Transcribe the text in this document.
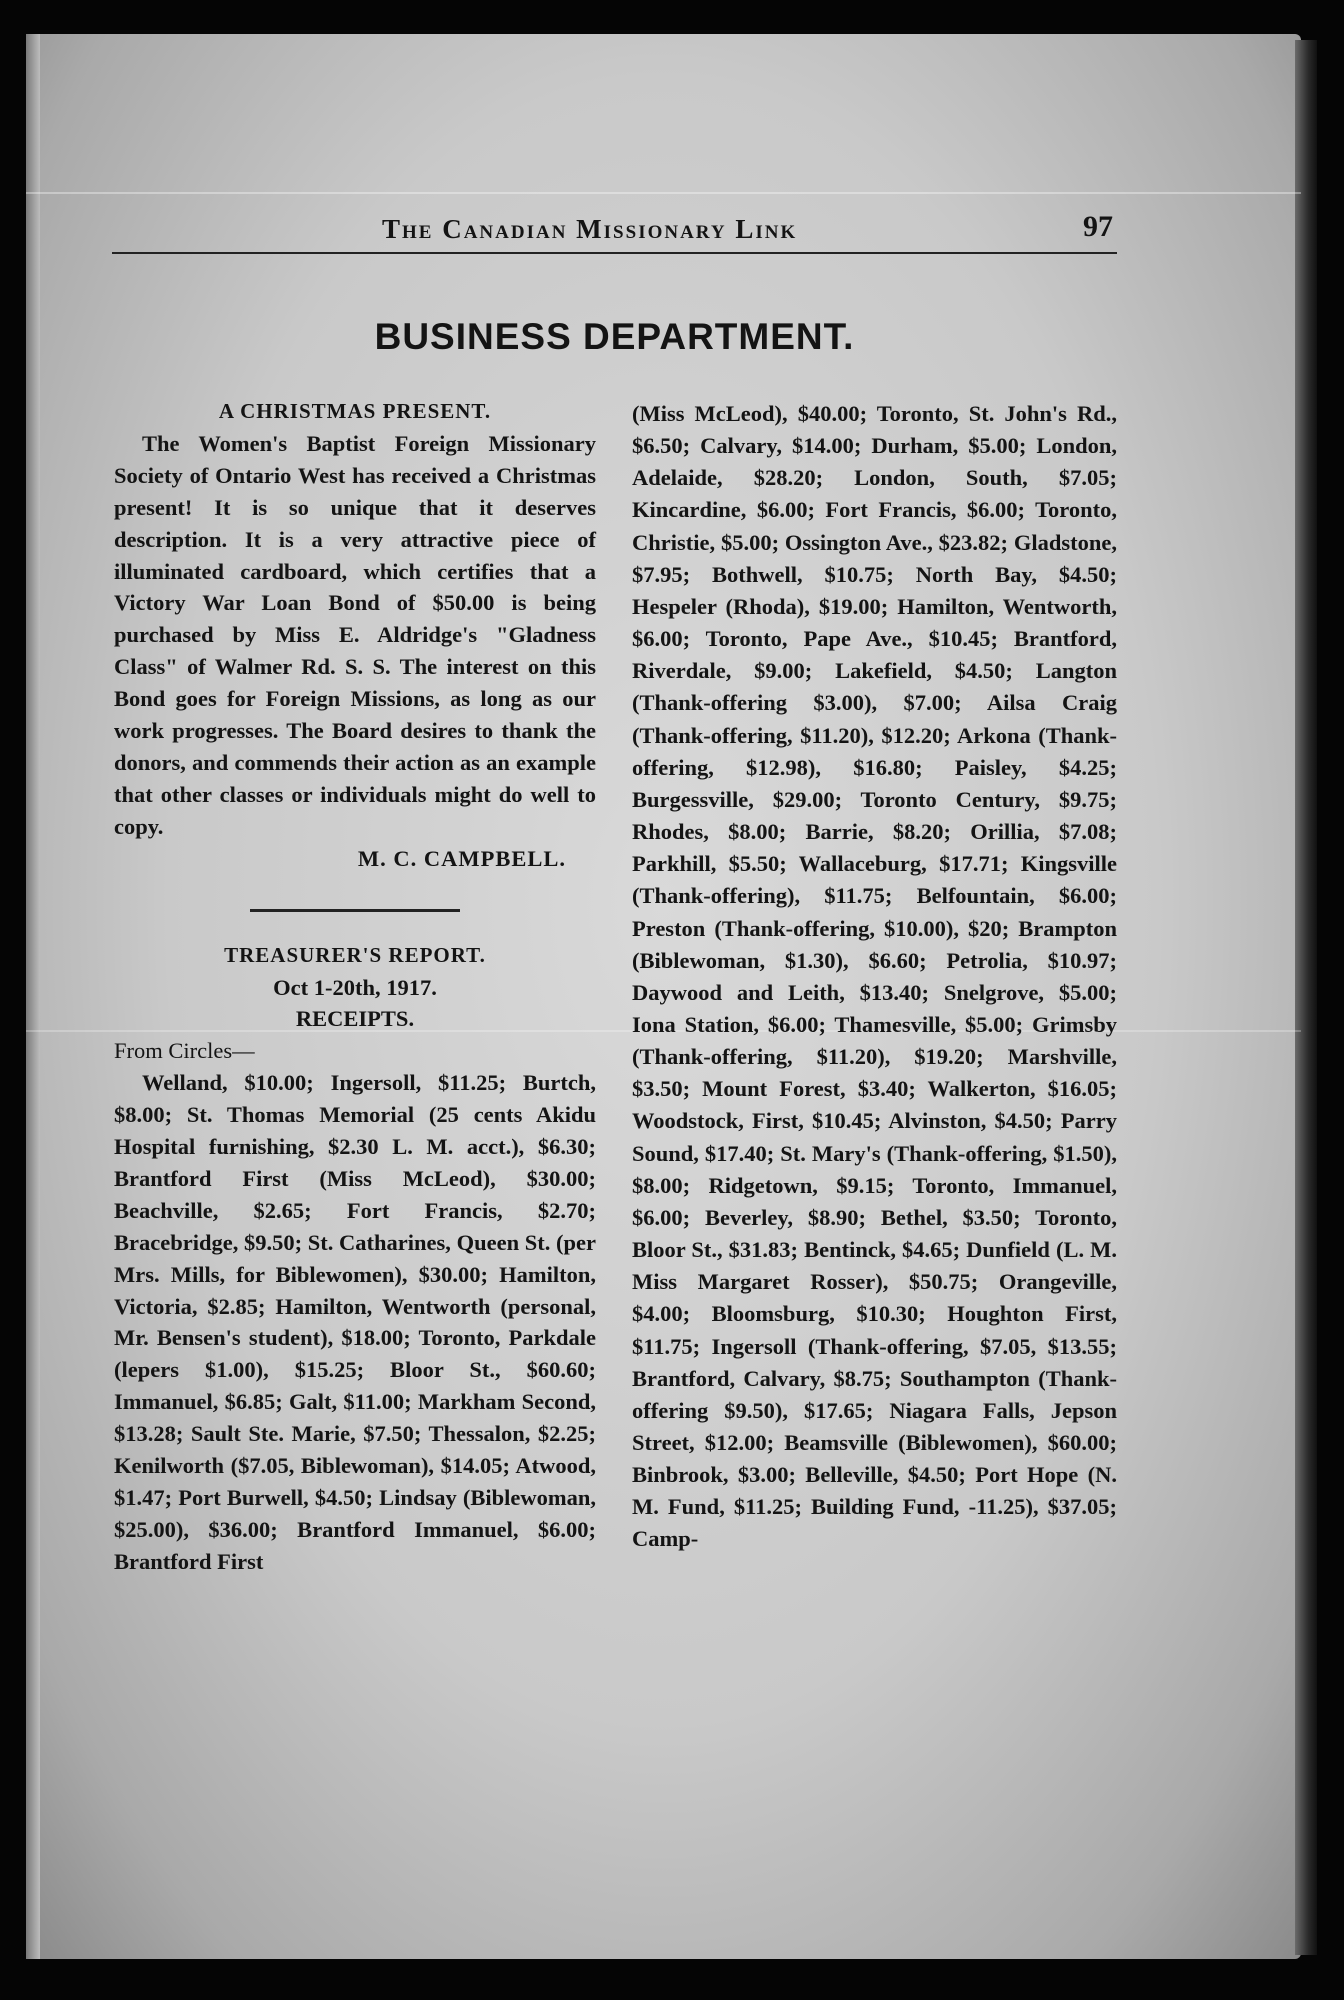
The Canadian Missionary Link	97
BUSINESS DEPARTMENT.

A CHRISTMAS PRESENT.

The Women's Baptist Foreign Missionary Society of Ontario West has received a Christmas present! It is so unique that it deserves description. It is a very attractive piece of illuminated cardboard, which certifies that a Victory War Loan Bond of $50.00 is being purchased by Miss E. Aldridge's "Gladness Class" of Walmer Rd. S. S. The interest on this Bond goes for Foreign Missions, as long as our work progresses. The Board desires to thank the donors, and commends their action as an example that other classes or individuals might do well to copy.

M. C. CAMPBELL.

TREASURER'S REPORT.

Oct 1-20th, 1917.

RECEIPTS.

From Circles—

Welland, $10.00; Ingersoll, $11.25; Burtch, $8.00; St. Thomas Memorial (25 cents Akidu Hospital furnishing, $2.30 L. M. acct.), $6.30; Brantford First (Miss McLeod), $30.00; Beachville, $2.65; Fort Francis, $2.70; Bracebridge, $9.50; St. Catharines, Queen St. (per Mrs. Mills, for Biblewomen), $30.00; Hamilton, Victoria, $2.85; Hamilton, Wentworth (personal, Mr. Bensen's student), $18.00; Toronto, Parkdale (lepers $1.00), $15.25; Bloor St., $60.60; Immanuel, $6.85; Galt, $11.00; Markham Second, $13.28; Sault Ste. Marie, $7.50; Thessalon, $2.25; Kenilworth ($7.05, Biblewoman), $14.05; Atwood, $1.47; Port Burwell, $4.50; Lindsay (Biblewoman, $25.00), $36.00; Brantford Immanuel, $6.00; Brantford First

(Miss McLeod), $40.00; Toronto, St. John's Rd., $6.50; Calvary, $14.00; Durham, $5.00; London, Adelaide, $28.20; London, South, $7.05; Kincardine, $6.00; Fort Francis, $6.00; Toronto, Christie, $5.00; Ossington Ave., $23.82; Gladstone, $7.95; Bothwell, $10.75; North Bay, $4.50; Hespeler (Rhoda), $19.00; Hamilton, Wentworth, $6.00; Toronto, Pape Ave., $10.45; Brantford, Riverdale, $9.00; Lakefield, $4.50; Langton (Thank-offering $3.00), $7.00; Ailsa Craig (Thank-offering, $11.20), $12.20; Arkona (Thank-offering, $12.98), $16.80; Paisley, $4.25; Burgessville, $29.00; Toronto Century, $9.75; Rhodes, $8.00; Barrie, $8.20; Orillia, $7.08; Parkhill, $5.50; Wallaceburg, $17.71; Kingsville (Thank-offering), $11.75; Belfountain, $6.00; Preston (Thank-offering, $10.00), $20; Brampton (Biblewoman, $1.30), $6.60; Petrolia, $10.97; Daywood and Leith, $13.40; Snelgrove, $5.00; Iona Station, $6.00; Thamesville, $5.00; Grimsby (Thank-offering, $11.20), $19.20; Marshville, $3.50; Mount Forest, $3.40; Walkerton, $16.05; Woodstock, First, $10.45; Alvinston, $4.50; Parry Sound, $17.40; St. Mary's (Thank-offering, $1.50), $8.00; Ridgetown, $9.15; Toronto, Immanuel, $6.00; Beverley, $8.90; Bethel, $3.50; Toronto, Bloor St., $31.83; Bentinck, $4.65; Dunfield (L. M. Miss Margaret Rosser), $50.75; Orangeville, $4.00; Bloomsburg, $10.30; Houghton First, $11.75; Ingersoll (Thank-offering, $7.05, $13.55; Brantford, Calvary, $8.75; Southampton (Thank-offering $9.50), $17.65; Niagara Falls, Jepson Street, $12.00; Beamsville (Biblewomen), $60.00; Binbrook, $3.00; Belleville, $4.50; Port Hope (N. M. Fund, $11.25; Building Fund, -11.25), $37.05; Camp-
